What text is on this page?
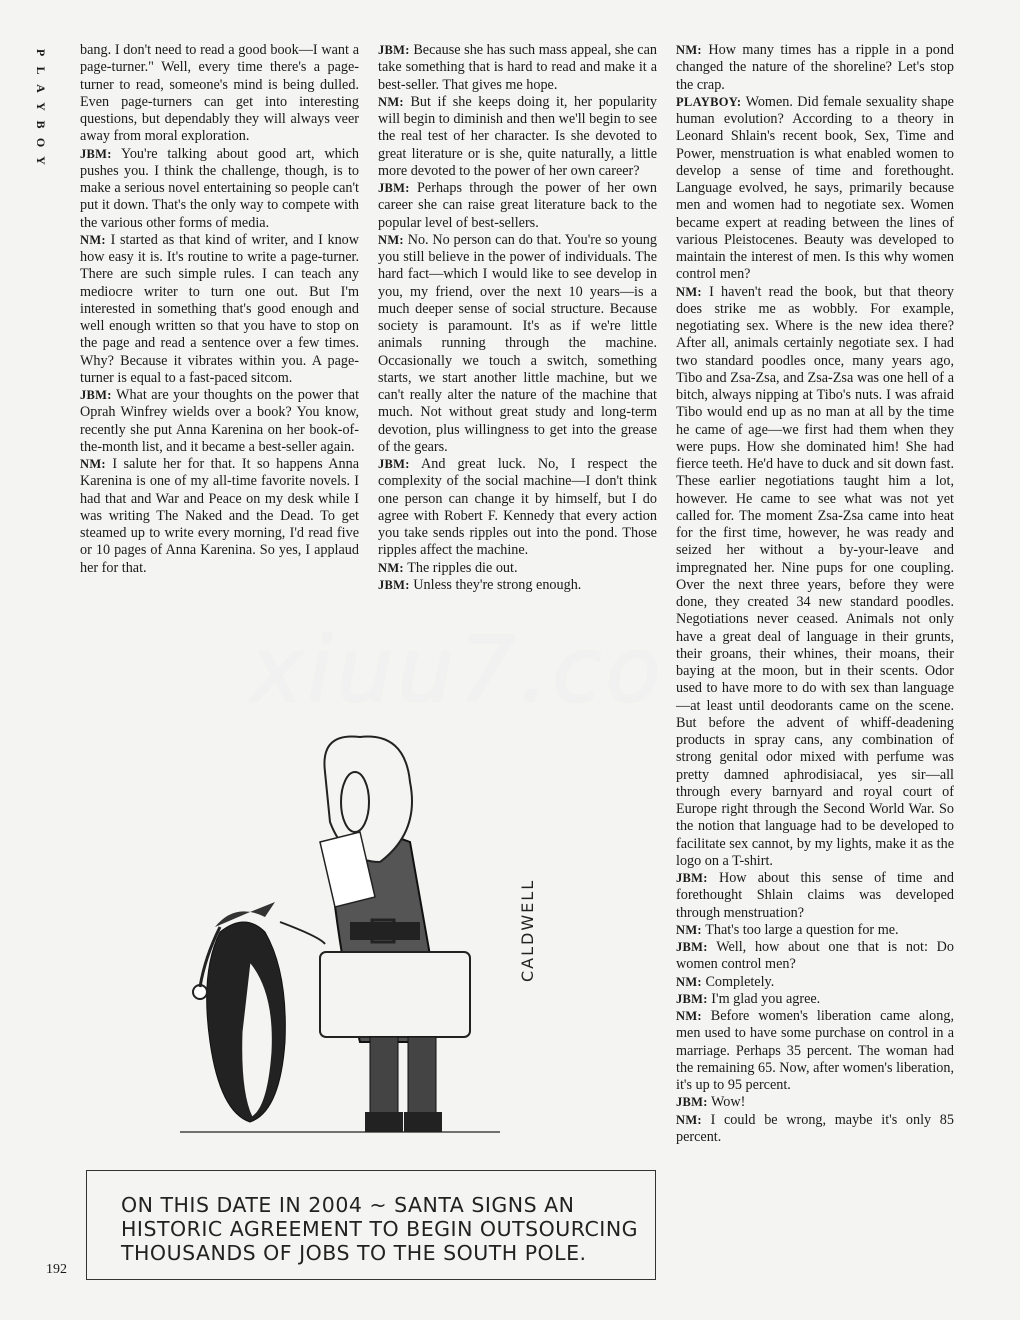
P
L
A
Y
B
O
Y

bang. I don't need to read a good book—I want a page-turner." Well, every time there's a page-turner to read, someone's mind is being dulled. Even page-turners can get into interesting questions, but dependably they will always veer away from moral exploration.

JBM: You're talking about good art, which pushes you. I think the challenge, though, is to make a serious novel entertaining so people can't put it down. That's the only way to compete with the various other forms of media.

NM: I started as that kind of writer, and I know how easy it is. It's routine to write a page-turner. There are such simple rules. I can teach any mediocre writer to turn one out. But I'm interested in something that's good enough and well enough written so that you have to stop on the page and read a sentence over a few times. Why? Because it vibrates within you. A page-turner is equal to a fast-paced sitcom.

JBM: What are your thoughts on the power that Oprah Winfrey wields over a book? You know, recently she put Anna Karenina on her book-of-the-month list, and it became a best-seller again.

NM: I salute her for that. It so happens Anna Karenina is one of my all-time favorite novels. I had that and War and Peace on my desk while I was writing The Naked and the Dead. To get steamed up to write every morning, I'd read five or 10 pages of Anna Karenina. So yes, I applaud her for that.

JBM: Because she has such mass appeal, she can take something that is hard to read and make it a best-seller. That gives me hope.

NM: But if she keeps doing it, her popularity will begin to diminish and then we'll begin to see the real test of her character. Is she devoted to great literature or is she, quite naturally, a little more devoted to the power of her own career?

JBM: Perhaps through the power of her own career she can raise great literature back to the popular level of best-sellers.

NM: No. No person can do that. You're so young you still believe in the power of individuals. The hard fact—which I would like to see develop in you, my friend, over the next 10 years—is a much deeper sense of social structure. Because society is paramount. It's as if we're little animals running through the machine. Occasionally we touch a switch, something starts, we start another little machine, but we can't really alter the nature of the machine that much. Not without great study and long-term devotion, plus willingness to get into the grease of the gears.

JBM: And great luck. No, I respect the complexity of the social machine—I don't think one person can change it by himself, but I do agree with Robert F. Kennedy that every action you take sends ripples out into the pond. Those ripples affect the machine.

NM: The ripples die out.

JBM: Unless they're strong enough.

NM: How many times has a ripple in a pond changed the nature of the shoreline? Let's stop the crap.

PLAYBOY: Women. Did female sexuality shape human evolution? According to a theory in Leonard Shlain's recent book, Sex, Time and Power, menstruation is what enabled women to develop a sense of time and forethought. Language evolved, he says, primarily because men and women had to negotiate sex. Women became expert at reading between the lines of various Pleistocenes. Beauty was developed to maintain the interest of men. Is this why women control men?

NM: I haven't read the book, but that theory does strike me as wobbly. For example, negotiating sex. Where is the new idea there? After all, animals certainly negotiate sex. I had two standard poodles once, many years ago, Tibo and Zsa-Zsa, and Zsa-Zsa was one hell of a bitch, always nipping at Tibo's nuts. I was afraid Tibo would end up as no man at all by the time he came of age—we first had them when they were pups. How she dominated him! She had fierce teeth. He'd have to duck and sit down fast. These earlier negotiations taught him a lot, however. He came to see what was not yet called for. The moment Zsa-Zsa came into heat for the first time, however, he was ready and seized her without a by-your-leave and impregnated her. Nine pups for one coupling. Over the next three years, before they were done, they created 34 new standard poodles. Negotiations never ceased. Animals not only have a great deal of language in their grunts, their groans, their whines, their moans, their baying at the moon, but in their scents. Odor used to have more to do with sex than language—at least until deodorants came on the scene. But before the advent of whiff-deadening products in spray cans, any combination of strong genital odor mixed with perfume was pretty damned aphrodisiacal, yes sir—all through every barnyard and royal court of Europe right through the Second World War. So the notion that language had to be developed to facilitate sex cannot, by my lights, make it as the logo on a T-shirt.

JBM: How about this sense of time and forethought Shlain claims was developed through menstruation?

NM: That's too large a question for me.

JBM: Well, how about one that is not: Do women control men?

NM: Completely.

JBM: I'm glad you agree.

NM: Before women's liberation came along, men used to have some purchase on control in a marriage. Perhaps 35 percent. The woman had the remaining 65. Now, after women's liberation, it's up to 95 percent.

JBM: Wow!

NM: I could be wrong, maybe it's only 85 percent.

CALDWELL
ON THIS DATE IN 2004 ~ SANTA SIGNS AN HISTORIC AGREEMENT TO BEGIN OUTSOURCING THOUSANDS OF JOBS TO THE SOUTH POLE.
192
xiuu7.co
